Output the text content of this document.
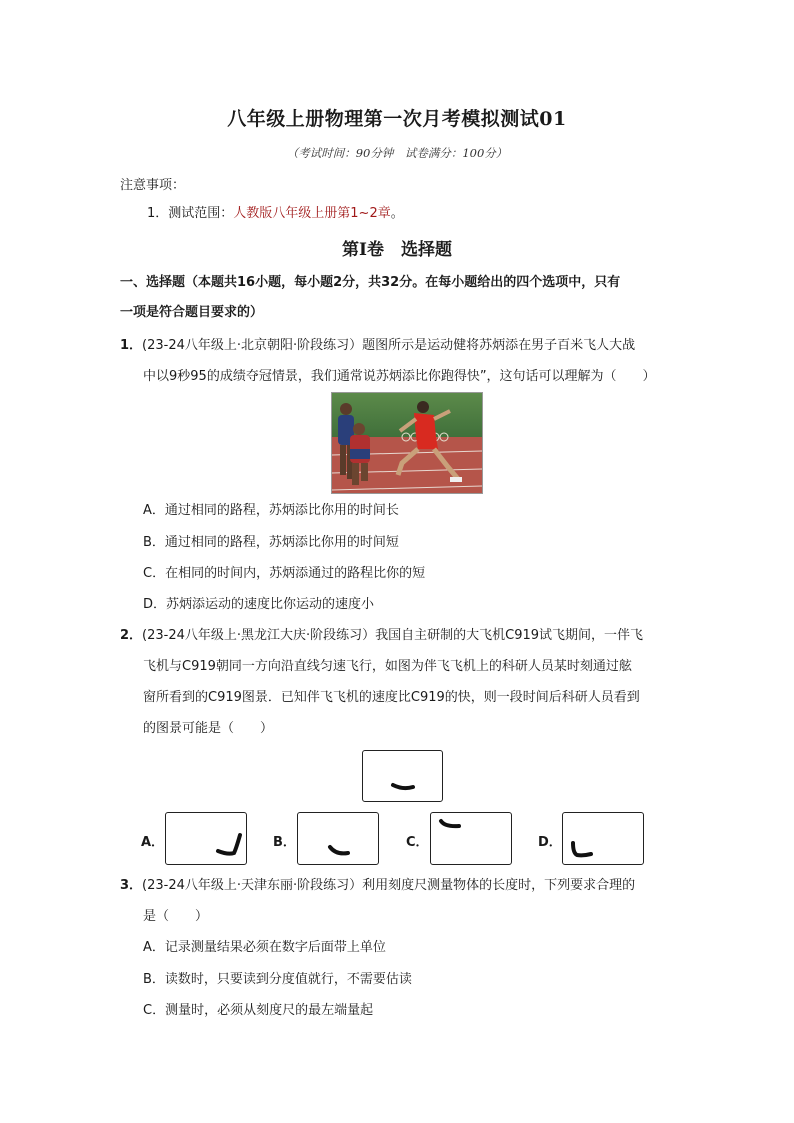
八年级上册物理第一次月考模拟测试01
（考试时间：90分钟　试卷满分：100分）
注意事项：
1．测试范围：人教版八年级上册第1~2章。
第Ⅰ卷　选择题
一、选择题（本题共16小题，每小题2分，共32分。在每小题给出的四个选项中，只有
一项是符合题目要求的）
1．(23-24八年级上·北京朝阳·阶段练习）题图所示是运动健将苏炳添在男子百米飞人大战
中以9秒95的成绩夺冠情景，我们通常说苏炳添比你跑得快”，这句话可以理解为（　　）
A．通过相同的路程，苏炳添比你用的时间长
B．通过相同的路程，苏炳添比你用的时间短
C．在相同的时间内，苏炳添通过的路程比你的短
D．苏炳添运动的速度比你运动的速度小
2．(23-24八年级上·黑龙江大庆·阶段练习）我国自主研制的大飞机C919试飞期间，一伴飞
飞机与C919朝同一方向沿直线匀速飞行，如图为伴飞飞机上的科研人员某时刻通过舷
窗所看到的C919图景．已知伴飞飞机的速度比C919的快，则一段时间后科研人员看到
的图景可能是（　　）
A．	B．	C．	D．
3．(23-24八年级上·天津东丽·阶段练习）利用刻度尺测量物体的长度时，下列要求合理的
是（　　）
A．记录测量结果必须在数字后面带上单位
B．读数时，只要读到分度值就行，不需要估读
C．测量时，必须从刻度尺的最左端量起
